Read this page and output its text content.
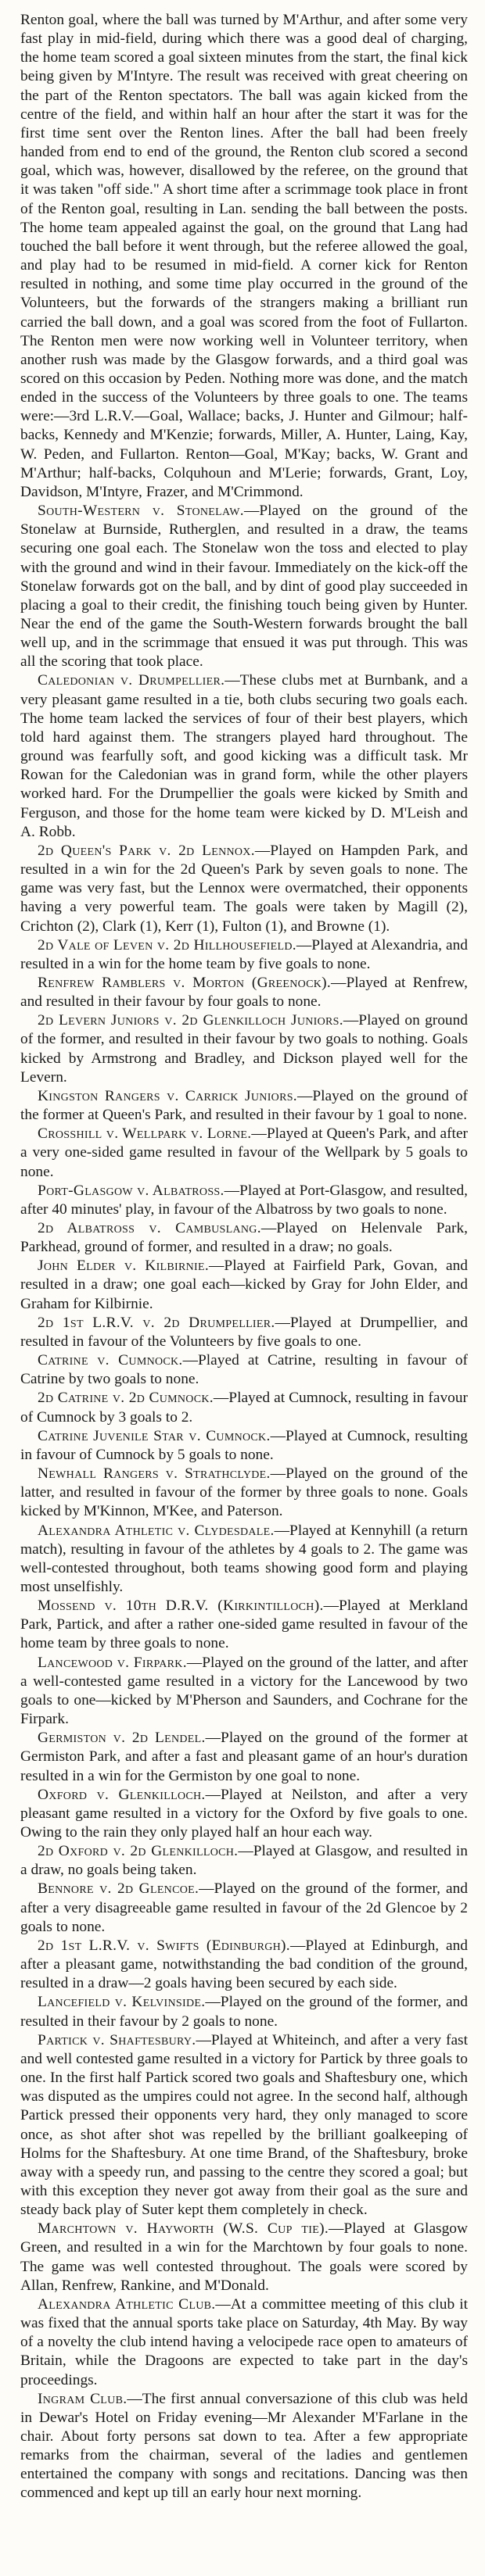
Renton goal, where the ball was turned by M'Arthur, and after some very fast play in mid-field, during which there was a good deal of charging, the home team scored a goal sixteen minutes from the start, the final kick being given by M'Intyre. The result was received with great cheering on the part of the Renton spectators. The ball was again kicked from the centre of the field, and within half an hour after the start it was for the first time sent over the Renton lines. After the ball had been freely handed from end to end of the ground, the Renton club scored a second goal, which was, however, disallowed by the referee, on the ground that it was taken "off side." A short time after a scrimmage took place in front of the Renton goal, resulting in Lan. sending the ball between the posts. The home team appealed against the goal, on the ground that Lang had touched the ball before it went through, but the referee allowed the goal, and play had to be resumed in mid-field. A corner kick for Renton resulted in nothing, and some time play occurred in the ground of the Volunteers, but the forwards of the strangers making a brilliant run carried the ball down, and a goal was scored from the foot of Fullarton. The Renton men were now working well in Volunteer territory, when another rush was made by the Glasgow forwards, and a third goal was scored on this occasion by Peden. Nothing more was done, and the match ended in the success of the Volunteers by three goals to one. The teams were:—3rd L.R.V.—Goal, Wallace; backs, J. Hunter and Gilmour; half-backs, Kennedy and M'Kenzie; forwards, Miller, A. Hunter, Laing, Kay, W. Peden, and Fullarton. Renton—Goal, M'Kay; backs, W. Grant and M'Arthur; half-backs, Colquhoun and M'Lerie; forwards, Grant, Loy, Davidson, M'Intyre, Frazer, and M'Crimmond.

South-Western v. Stonelaw.—Played on the ground of the Stonelaw at Burnside, Rutherglen, and resulted in a draw, the teams securing one goal each. The Stonelaw won the toss and elected to play with the ground and wind in their favour. Immediately on the kick-off the Stonelaw forwards got on the ball, and by dint of good play succeeded in placing a goal to their credit, the finishing touch being given by Hunter. Near the end of the game the South-Western forwards brought the ball well up, and in the scrimmage that ensued it was put through. This was all the scoring that took place.

Caledonian v. Drumpellier.—These clubs met at Burnbank, and a very pleasant game resulted in a tie, both clubs securing two goals each. The home team lacked the services of four of their best players, which told hard against them. The strangers played hard throughout. The ground was fearfully soft, and good kicking was a difficult task. Mr Rowan for the Caledonian was in grand form, while the other players worked hard. For the Drumpellier the goals were kicked by Smith and Ferguson, and those for the home team were kicked by D. M'Leish and A. Robb.

2d Queen's Park v. 2d Lennox.—Played on Hampden Park, and resulted in a win for the 2d Queen's Park by seven goals to none. The game was very fast, but the Lennox were overmatched, their opponents having a very powerful team. The goals were taken by Magill (2), Crichton (2), Clark (1), Kerr (1), Fulton (1), and Browne (1).

2d Vale of Leven v. 2d Hillhousefield.—Played at Alexandria, and resulted in a win for the home team by five goals to none.

Renfrew Ramblers v. Morton (Greenock).—Played at Renfrew, and resulted in their favour by four goals to none.

2d Levern Juniors v. 2d Glenkilloch Juniors.—Played on ground of the former, and resulted in their favour by two goals to nothing. Goals kicked by Armstrong and Bradley, and Dickson played well for the Levern.

Kingston Rangers v. Carrick Juniors.—Played on the ground of the former at Queen's Park, and resulted in their favour by 1 goal to none.

Crosshill v. Wellpark v. Lorne.—Played at Queen's Park, and after a very one-sided game resulted in favour of the Wellpark by 5 goals to none.

Port-Glasgow v. Albatross.—Played at Port-Glasgow, and resulted, after 40 minutes' play, in favour of the Albatross by two goals to none.

2d Albatross v. Cambuslang.—Played on Helenvale Park, Parkhead, ground of former, and resulted in a draw; no goals.

John Elder v. Kilbirnie.—Played at Fairfield Park, Govan, and resulted in a draw; one goal each—kicked by Gray for John Elder, and Graham for Kilbirnie.

2d 1st L.R.V. v. 2d Drumpellier.—Played at Drumpellier, and resulted in favour of the Volunteers by five goals to one.

Catrine v. Cumnock.—Played at Catrine, resulting in favour of Catrine by two goals to none.

2d Catrine v. 2d Cumnock.—Played at Cumnock, resulting in favour of Cumnock by 3 goals to 2.

Catrine Juvenile Star v. Cumnock.—Played at Cumnock, resulting in favour of Cumnock by 5 goals to none.

Newhall Rangers v. Strathclyde.—Played on the ground of the latter, and resulted in favour of the former by three goals to none. Goals kicked by M'Kinnon, M'Kee, and Paterson.

Alexandra Athletic v. Clydesdale.—Played at Kennyhill (a return match), resulting in favour of the athletes by 4 goals to 2. The game was well-contested throughout, both teams showing good form and playing most unselfishly.

Mossend v. 10th D.R.V. (Kirkintilloch).—Played at Merkland Park, Partick, and after a rather one-sided game resulted in favour of the home team by three goals to none.

Lancewood v. Firpark.—Played on the ground of the latter, and after a well-contested game resulted in a victory for the Lancewood by two goals to one—kicked by M'Pherson and Saunders, and Cochrane for the Firpark.

Germiston v. 2d Lendel.—Played on the ground of the former at Germiston Park, and after a fast and pleasant game of an hour's duration resulted in a win for the Germiston by one goal to none.

Oxford v. Glenkilloch.—Played at Neilston, and after a very pleasant game resulted in a victory for the Oxford by five goals to one. Owing to the rain they only played half an hour each way.

2d Oxford v. 2d Glenkilloch.—Played at Glasgow, and resulted in a draw, no goals being taken.

Bennore v. 2d Glencoe.—Played on the ground of the former, and after a very disagreeable game resulted in favour of the 2d Glencoe by 2 goals to none.

2d 1st L.R.V. v. Swifts (Edinburgh).—Played at Edinburgh, and after a pleasant game, notwithstanding the bad condition of the ground, resulted in a draw—2 goals having been secured by each side.

Lancefield v. Kelvinside.—Played on the ground of the former, and resulted in their favour by 2 goals to none.

Partick v. Shaftesbury.—Played at Whiteinch, and after a very fast and well contested game resulted in a victory for Partick by three goals to one. In the first half Partick scored two goals and Shaftesbury one, which was disputed as the umpires could not agree. In the second half, although Partick pressed their opponents very hard, they only managed to score once, as shot after shot was repelled by the brilliant goalkeeping of Holms for the Shaftesbury. At one time Brand, of the Shaftesbury, broke away with a speedy run, and passing to the centre they scored a goal; but with this exception they never got away from their goal as the sure and steady back play of Suter kept them completely in check.

Marchtown v. Hayworth (W.S. Cup tie).—Played at Glasgow Green, and resulted in a win for the Marchtown by four goals to none. The game was well contested throughout. The goals were scored by Allan, Renfrew, Rankine, and M'Donald.

Alexandra Athletic Club.—At a committee meeting of this club it was fixed that the annual sports take place on Saturday, 4th May. By way of a novelty the club intend having a velocipede race open to amateurs of Britain, while the Dragoons are expected to take part in the day's proceedings.

Ingram Club.—The first annual conversazione of this club was held in Dewar's Hotel on Friday evening—Mr Alexander M'Farlane in the chair. About forty persons sat down to tea. After a few appropriate remarks from the chairman, several of the ladies and gentlemen entertained the company with songs and recitations. Dancing was then commenced and kept up till an early hour next morning.
